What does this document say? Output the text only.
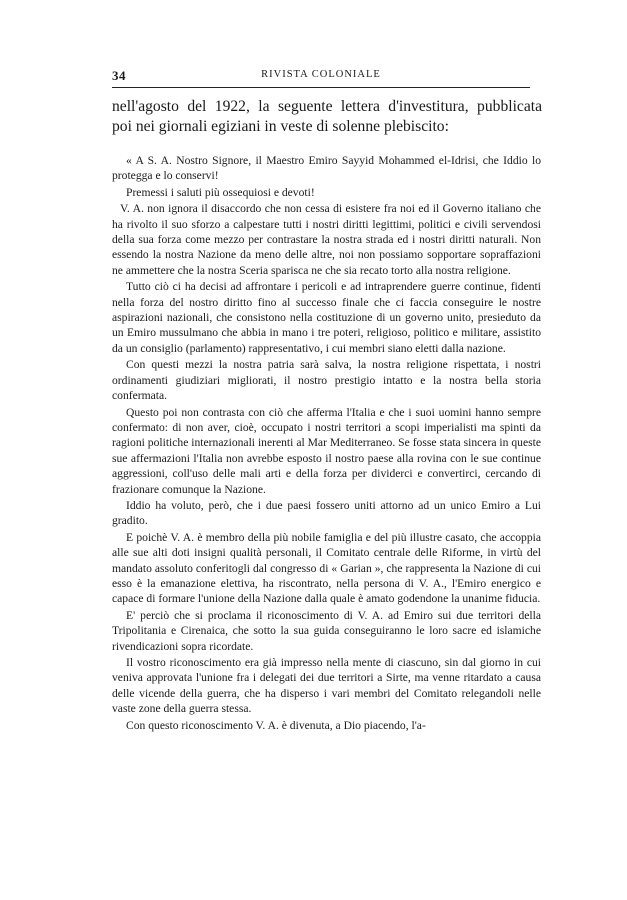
34	RIVISTA COLONIALE
nell'agosto del 1922, la seguente lettera d'investitura, pubblicata
poi nei giornali egiziani in veste di solenne plebiscito:

« A S. A. Nostro Signore, il Maestro Emiro Sayyid Mohammed el-Idrisi, che Iddio lo protegga e lo conservi!

Premessi i saluti più ossequiosi e devoti!

V. A. non ignora il disaccordo che non cessa di esistere fra noi ed il Governo italiano che ha rivolto il suo sforzo a calpestare tutti i nostri diritti legittimi, politici e civili servendosi della sua forza come mezzo per contrastare la nostra strada ed i nostri diritti naturali. Non essendo la nostra Nazione da meno delle altre, noi non possiamo sopportare sopraffazioni ne ammettere che la nostra Sceria sparisca ne che sia recato torto alla nostra religione.

Tutto ciò ci ha decisi ad affrontare i pericoli e ad intraprendere guerre continue, fidenti nella forza del nostro diritto fino al successo finale che ci faccia conseguire le nostre aspirazioni nazionali, che consistono nella costituzione di un governo unito, presieduto da un Emiro mussulmano che abbia in mano i tre poteri, religioso, politico e militare, assistito da un consiglio (parlamento) rappresentativo, i cui membri siano eletti dalla nazione.

Con questi mezzi la nostra patria sarà salva, la nostra religione rispettata, i nostri ordinamenti giudiziari migliorati, il nostro prestigio intatto e la nostra bella storia confermata.

Questo poi non contrasta con ciò che afferma l'Italia e che i suoi uomini hanno sempre confermato: di non aver, cioè, occupato i nostri territori a scopi imperialisti ma spinti da ragioni politiche internazionali inerenti al Mar Mediterraneo. Se fosse stata sincera in queste sue affermazioni l'Italia non avrebbe esposto il nostro paese alla rovina con le sue continue aggressioni, coll'uso delle mali arti e della forza per dividerci e convertirci, cercando di frazionare comunque la Nazione.

Iddio ha voluto, però, che i due paesi fossero uniti attorno ad un unico Emiro a Lui gradito.

E poichè V. A. è membro della più nobile famiglia e del più illustre casato, che accoppia alle sue alti doti insigni qualità personali, il Comitato centrale delle Riforme, in virtù del mandato assoluto conferitogli dal congresso di « Garian », che rappresenta la Nazione di cui esso è la emanazione elettiva, ha riscontrato, nella persona di V. A., l'Emiro energico e capace di formare l'unione della Nazione dalla quale è amato godendone la unanime fiducia.

E' perciò che si proclama il riconoscimento di V. A. ad Emiro sui due territori della Tripolitania e Cirenaica, che sotto la sua guida conseguiranno le loro sacre ed islamiche rivendicazioni sopra ricordate.

Il vostro riconoscimento era già impresso nella mente di ciascuno, sin dal giorno in cui veniva approvata l'unione fra i delegati dei due territori a Sirte, ma venne ritardato a causa delle vicende della guerra, che ha disperso i vari membri del Comitato relegandoli nelle vaste zone della guerra stessa.

Con questo riconoscimento V. A. è divenuta, a Dio piacendo, l'a-
